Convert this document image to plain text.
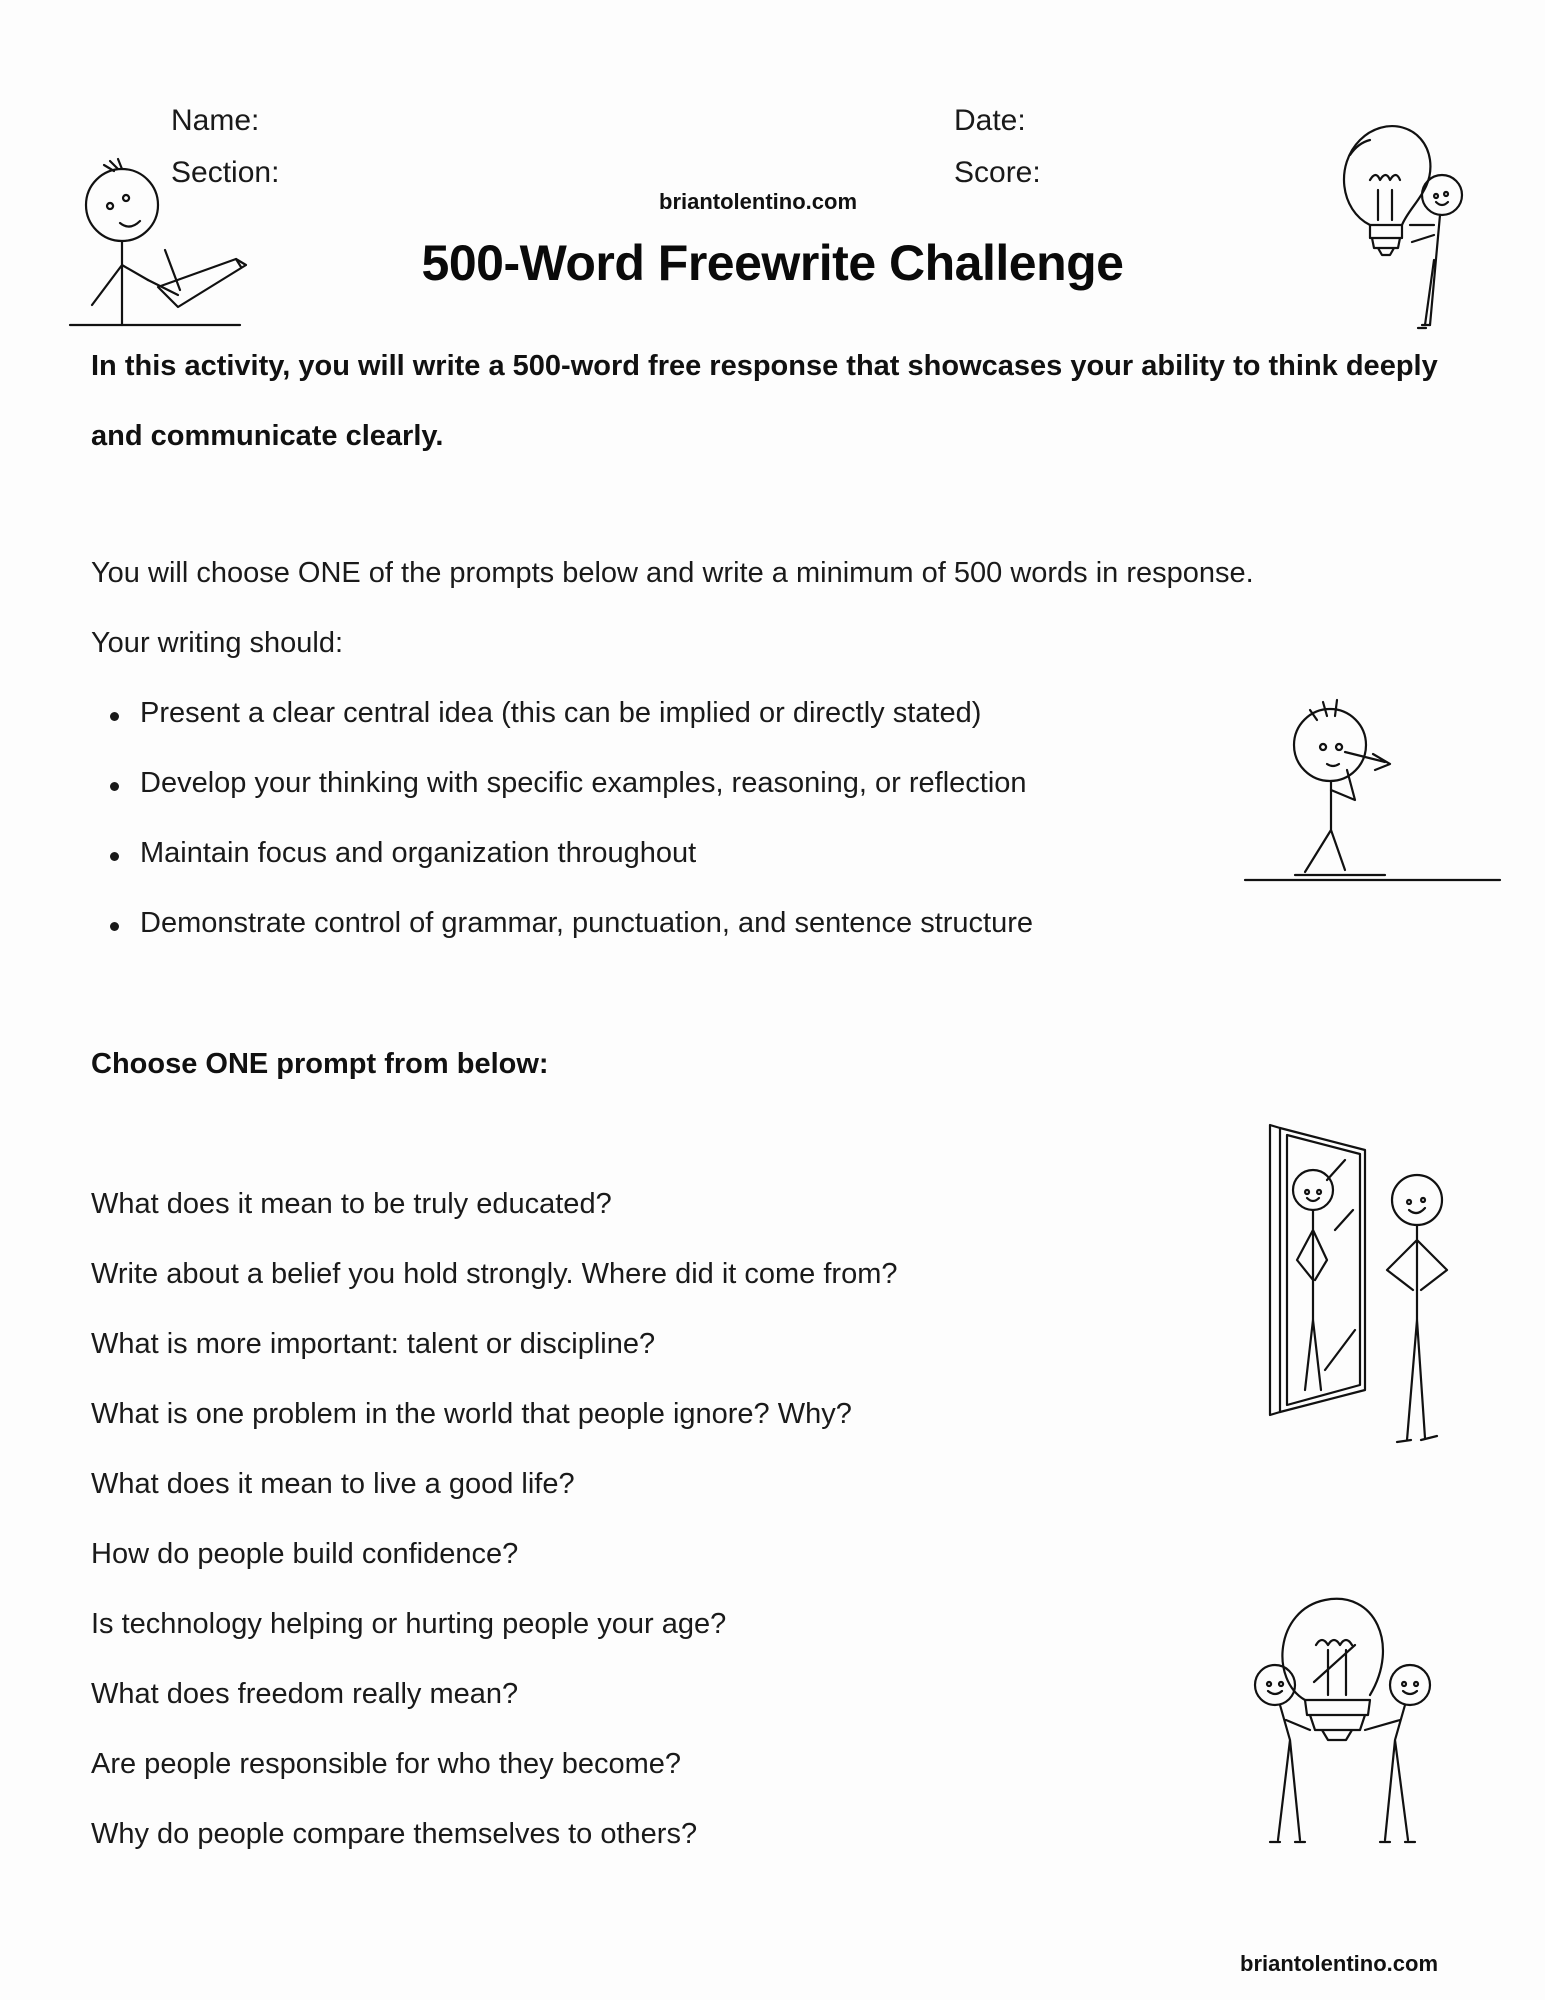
Name:
Section:
Date:
Score:
briantolentino.com
500-Word Freewrite Challenge
In this activity, you will write a 500-word free response that showcases your ability to think deeply and communicate clearly.
You will choose ONE of the prompts below and write a minimum of 500 words in response.
Your writing should:
Present a clear central idea (this can be implied or directly stated)
Develop your thinking with specific examples, reasoning, or reflection
Maintain focus and organization throughout
Demonstrate control of grammar, punctuation, and sentence structure
Choose ONE prompt from below:
What does it mean to be truly educated?
Write about a belief you hold strongly. Where did it come from?
What is more important: talent or discipline?
What is one problem in the world that people ignore? Why?
What does it mean to live a good life?
How do people build confidence?
Is technology helping or hurting people your age?
What does freedom really mean?
Are people responsible for who they become?
Why do people compare themselves to others?
briantolentino.com
